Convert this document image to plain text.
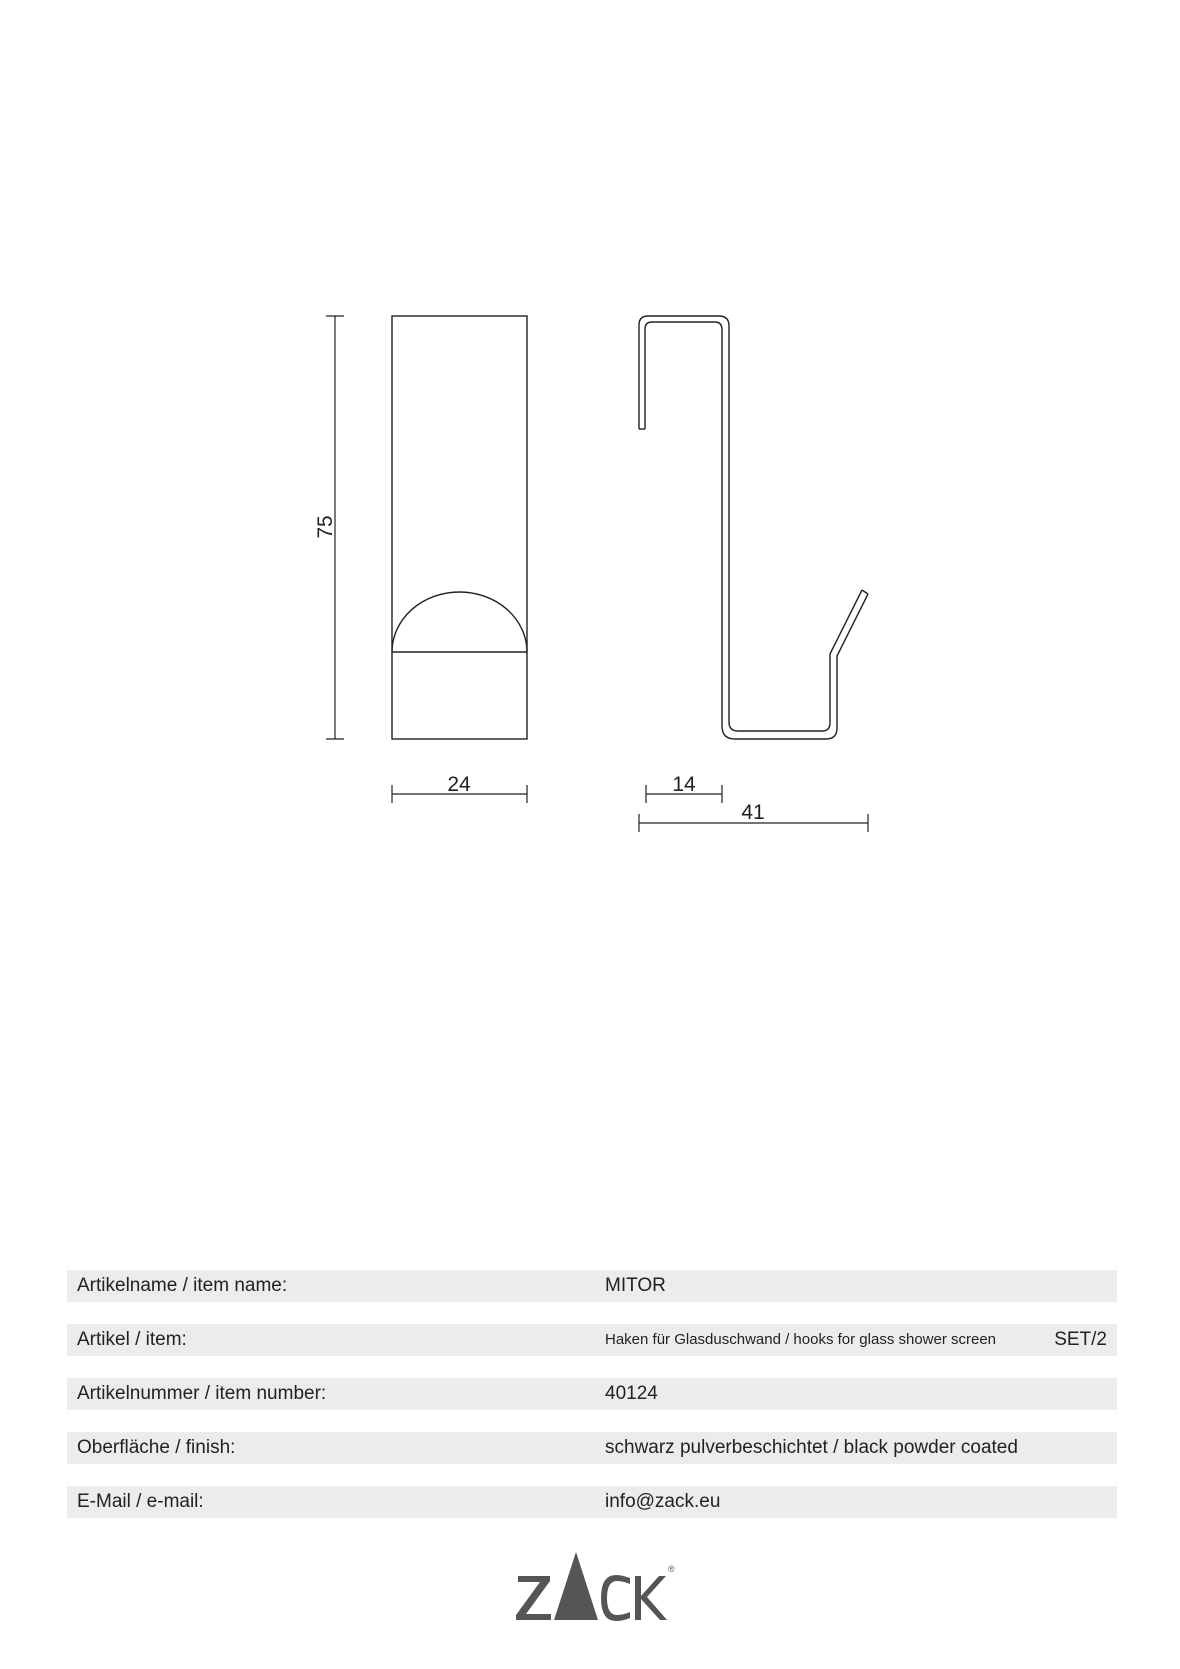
75
24	14
41
Artikelname / item name:	MITOR
Artikel / item:	Haken für Glasduschwand / hooks for glass shower screen	SET/2
Artikelnummer / item number:	40124
Oberfläche / finish:	schwarz pulverbeschichtet / black powder coated
E-Mail / e-mail:	info@zack.eu
®
